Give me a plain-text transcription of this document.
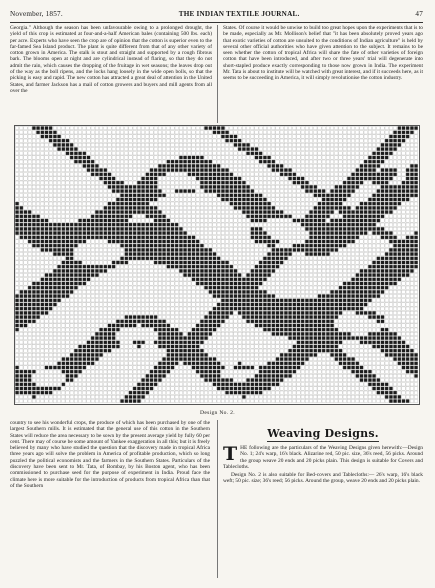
November, 1857.	THE INDIAN TEXTILE JOURNAL.	47

Georgia." Although the season has been unfavourable owing to a prolonged drought, the yield of this crop is estimated at four-and-a-half American bales (containing 500 lbs. each) per acre. Experts who have seen the crop are of opinion that the cotton is superior even to the far-famed Sea Island product. The plant is quite different from that of any other variety of cotton grown in America. The stalk is stout and straight and supported by a rough fibrous bark. The blooms open at night and are cylindrical instead of flaring, so that they do not admit the rain, which causes the dropping of the fruitage in wet seasons; the leaves drop out of the way as the boll ripens, and the locks hang loosely in the wide open bolls, so that the picking is easy and rapid. The new cotton has attracted a great deal of attention in the United States, and farmer Jackson has a mail of cotton growers and buyers and mill agents from all over the

States. Of course it would be unwise to build too great hopes upon the experiments that is to be made, especially as Mr. Mollison's belief that "it has been absolutely proved years ago that exotic varieties of cotton are unsuited to the conditions of Indian agriculture" is held by several other official authorities who have given attention to the subject. It remains to be seen whether the cotton of tropical Africa will share the fate of other varieties of foreign cotton that have been introduced, and after two or three years' trial will degenerate into short-stapled produce exactly corresponding to those now grown in India. The experiment Mr. Tata is about to institute will be watched with great interest, and if it succeeds here, as it seems to be succeeding in America, it will simply revolutionise the cotton industry.

Design No. 2.

country to see his wonderful crops, the produce of which has been purchased by one of the largest Southern mills. It is estimated that the general use of this cotton in the Southern States will reduce the area necessary to be sown by the present average yield by fully 60 per cent. There may of course be some amount of Yankee exaggeration in all this; but it is freely believed by many who have studied the question that the discovery made in tropical Africa three years ago will solve the problem in America of profitable production, which so long puzzled the political economists and the farmers in the Southern States. Particulars of the discovery have been sent to Mr. Tata, of Bombay, by his Boston agent, who has been commissioned to purchase seed for the purpose of experiment in India. Proud face the climate here is more suitable for the introduction of products from tropical Africa than that of the Southern

Weaving Designs.

THE following are the particulars of the Weaving Designs given herewith:—Design No. 1; 24's warp, 16's black. Alizarine red, 50 pic. size, 36's reed, 56 picks. Around the group weave 20 ends and 20 picks plain. This design is suitable for Covers and Tablecloths.

Design No. 2 is also suitable for Bed-covers and Tablecloths:— 26's warp, 16's black weft; 50 pic. size; 36's reed; 56 picks. Around the group, weave 20 ends and 20 picks plain.
